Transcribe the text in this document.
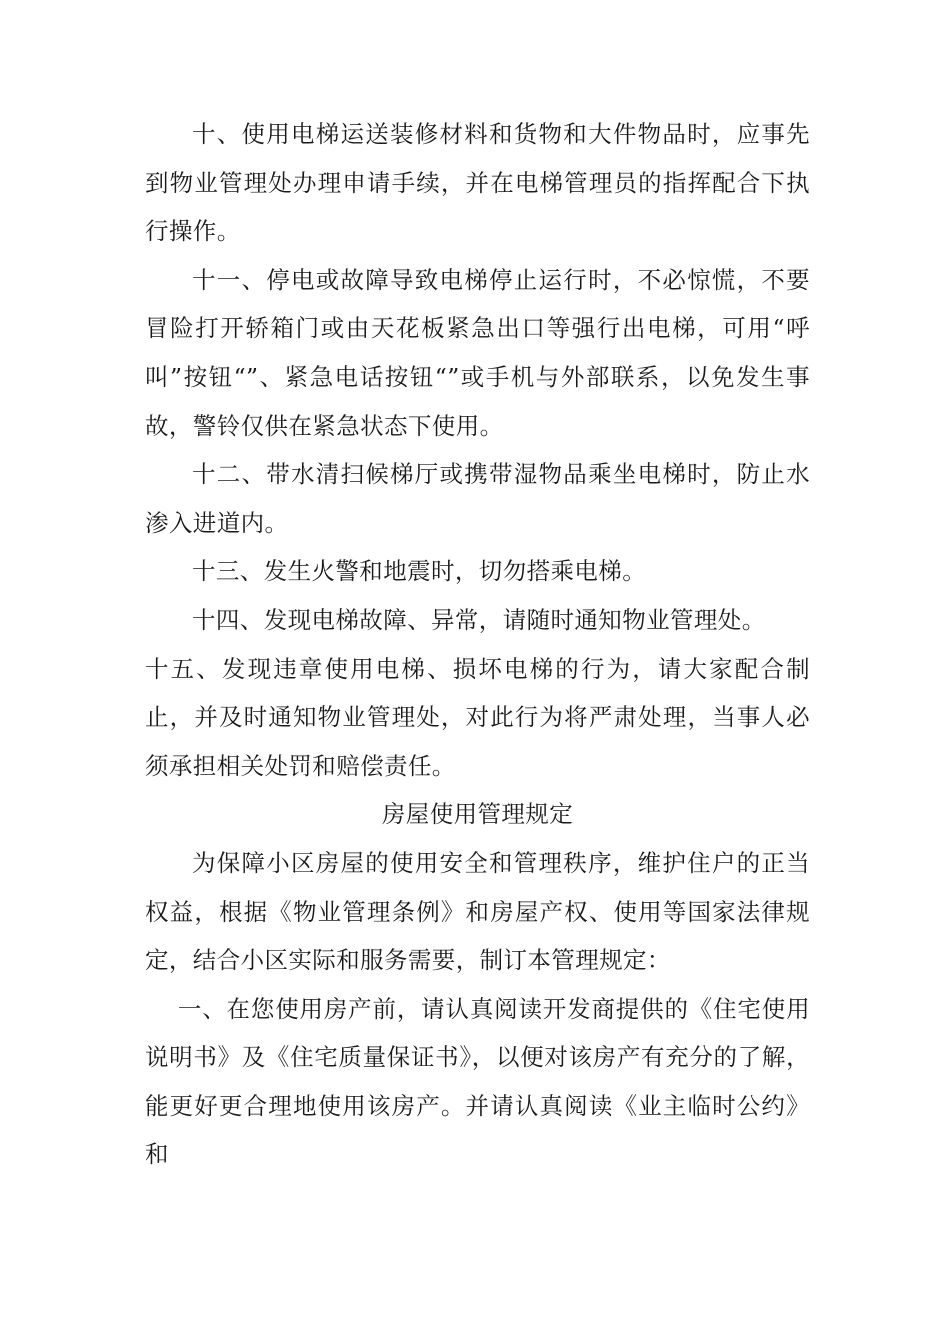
十、使用电梯运送装修材料和货物和大件物品时，应事先到物业管理处办理申请手续，并在电梯管理员的指挥配合下执行操作。

十一、停电或故障导致电梯停止运行时，不必惊慌，不要冒险打开轿箱门或由天花板紧急出口等强行出电梯，可用“呼叫”按钮“”、紧急电话按钮“”或手机与外部联系，以免发生事故，警铃仅供在紧急状态下使用。

十二、带水清扫候梯厅或携带湿物品乘坐电梯时，防止水渗入进道内。

十三、发生火警和地震时，切勿搭乘电梯。

十四、发现电梯故障、异常，请随时通知物业管理处。

十五、发现违章使用电梯、损坏电梯的行为，请大家配合制止，并及时通知物业管理处，对此行为将严肃处理，当事人必须承担相关处罚和赔偿责任。

房屋使用管理规定

为保障小区房屋的使用安全和管理秩序，维护住户的正当权益，根据《物业管理条例》和房屋产权、使用等国家法律规定，结合小区实际和服务需要，制订本管理规定：

一、在您使用房产前，请认真阅读开发商提供的《住宅使用说明书》及《住宅质量保证书》，以便对该房产有充分的了解，能更好更合理地使用该房产。并请认真阅读《业主临时公约》和
